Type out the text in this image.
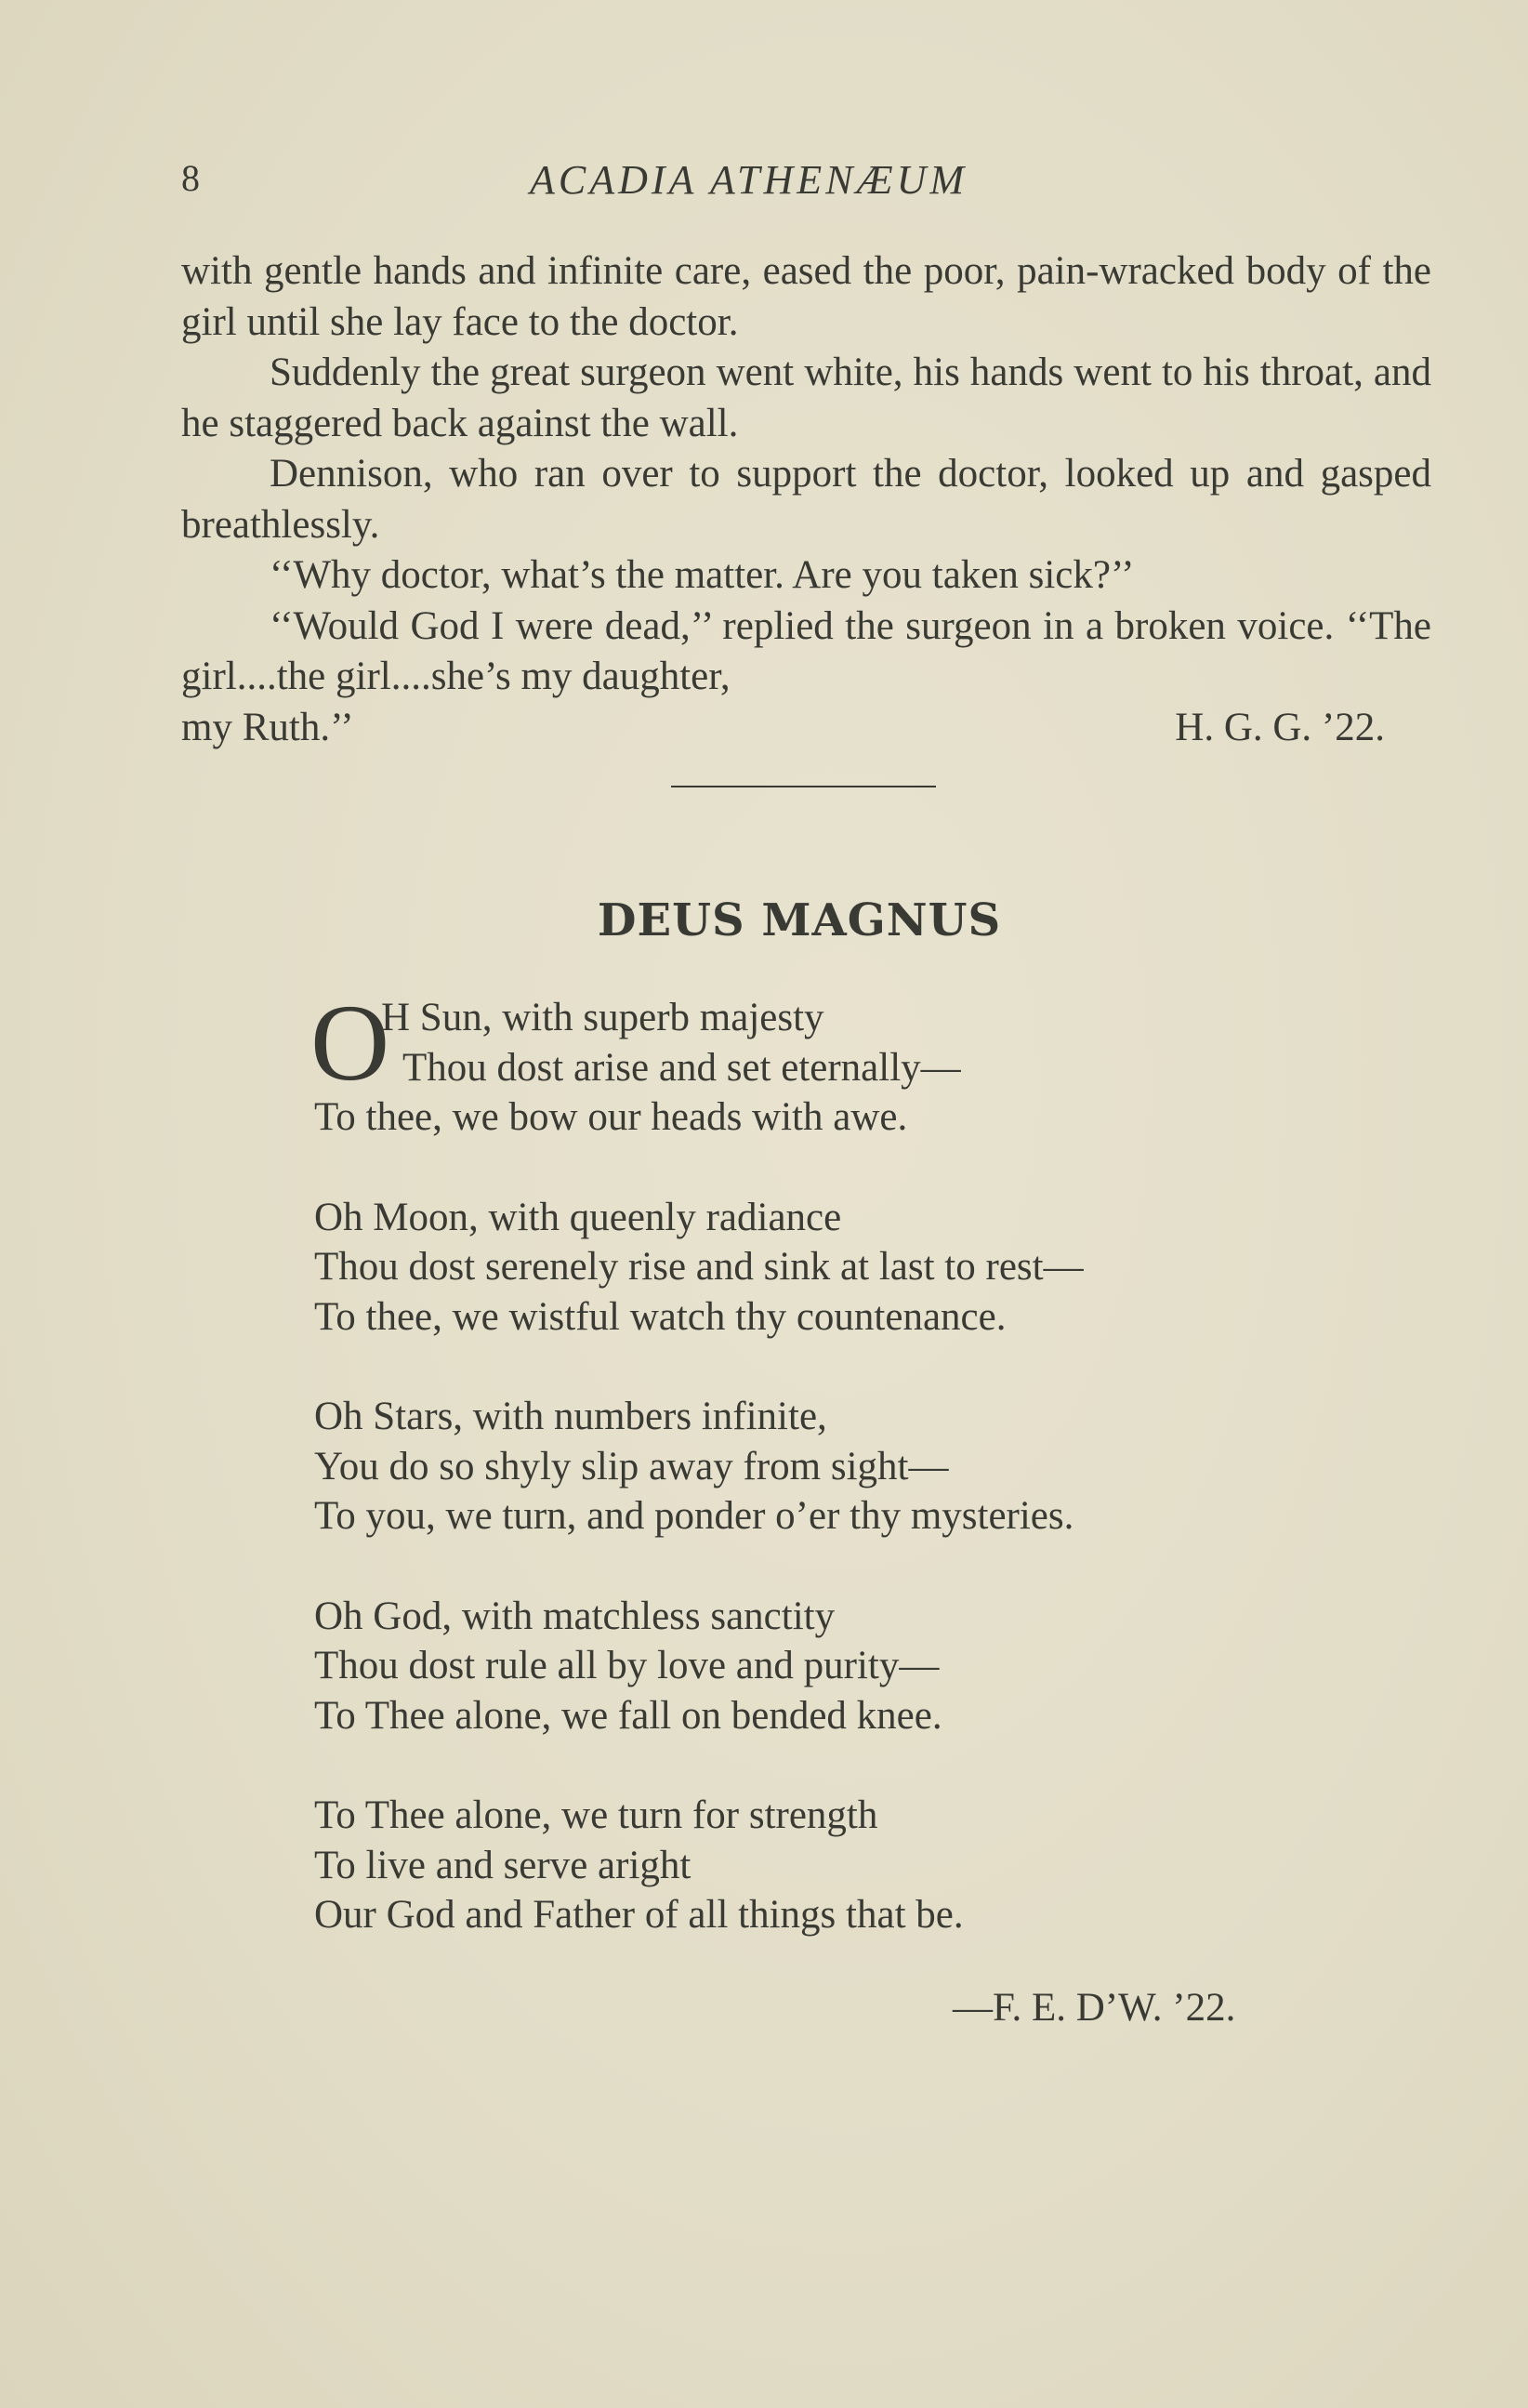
8	ACADIA ATHENÆUM

with gentle hands and infinite care, eased the poor, pain-wracked body of the girl until she lay face to the doctor.

Suddenly the great surgeon went white, his hands went to his throat, and he staggered back against the wall.

Dennison, who ran over to support the doctor, looked up and gasped breathlessly.

‘‘Why doctor, what’s the matter. Are you taken sick?’’

‘‘Would God I were dead,’’ replied the surgeon in a broken voice. ‘‘The girl....the girl....she’s my daughter,

my Ruth.’’	H. G. G. ’22.
DEUS MAGNUS
O
H Sun, with superb majesty
Thou dost arise and set eternally—
To thee, we bow our heads with awe.
Oh Moon, with queenly radiance
Thou dost serenely rise and sink at last to rest—
To thee, we wistful watch thy countenance.
Oh Stars, with numbers infinite,
You do so shyly slip away from sight—
To you, we turn, and ponder o’er thy mysteries.
Oh God, with matchless sanctity
Thou dost rule all by love and purity—
To Thee alone, we fall on bended knee.
To Thee alone, we turn for strength
To live and serve aright
Our God and Father of all things that be.
—F. E. D’W. ’22.
